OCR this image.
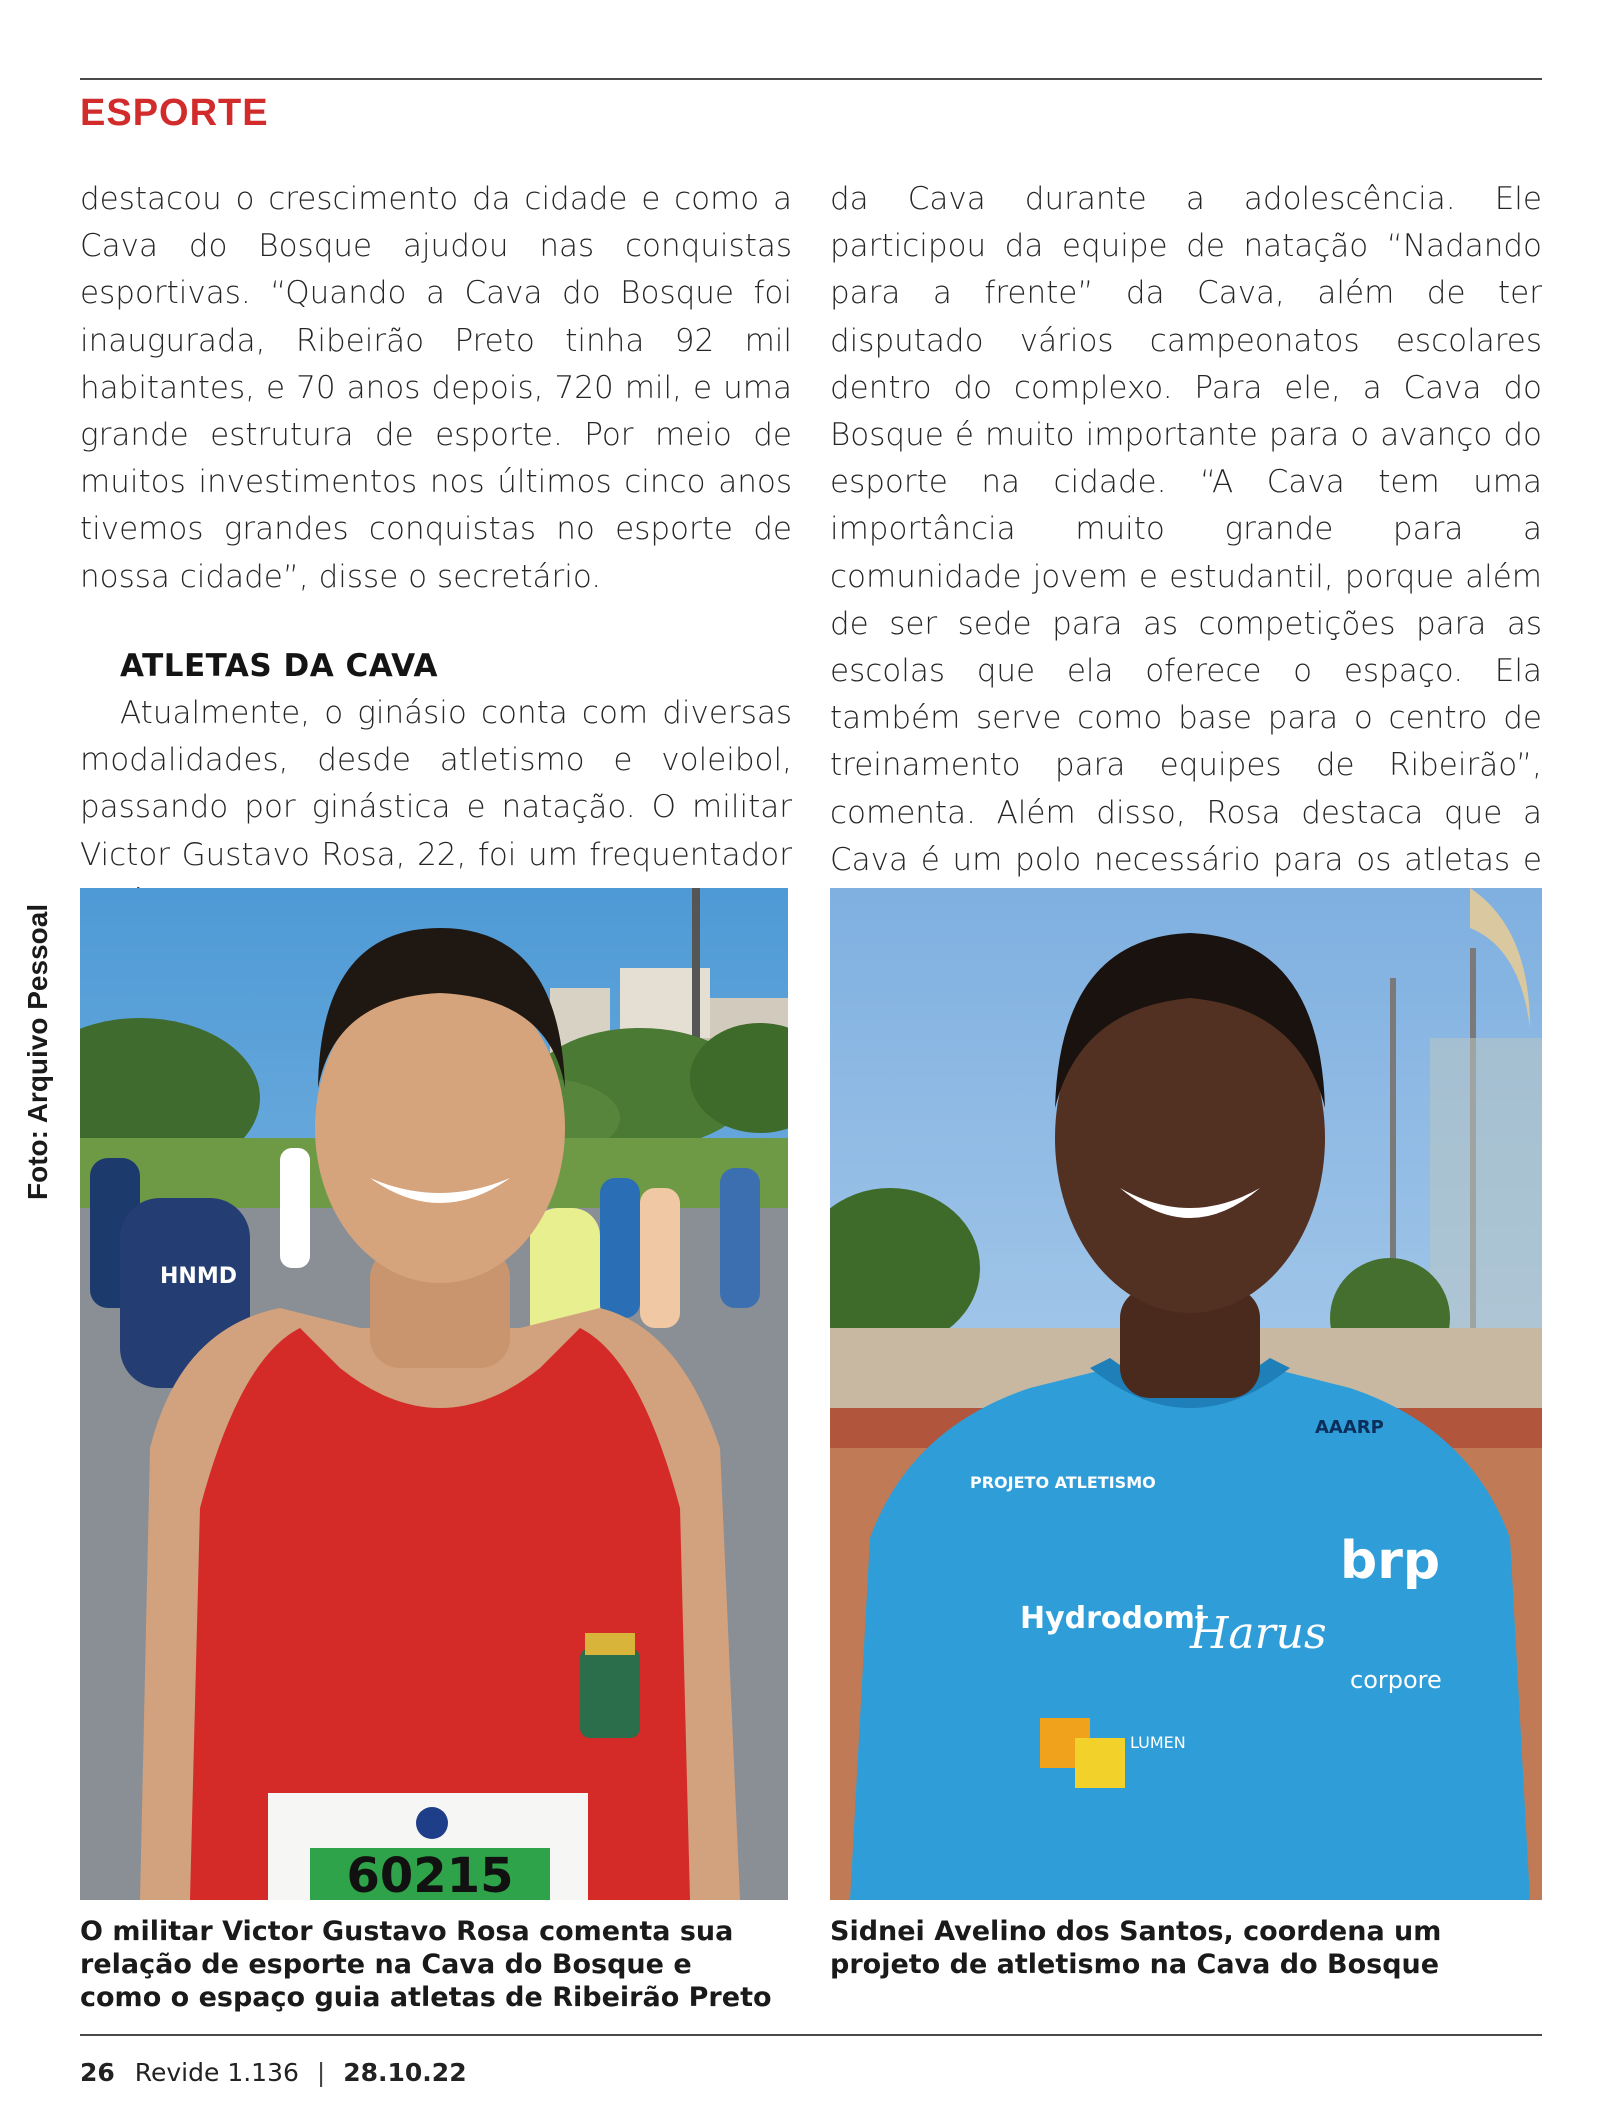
ESPORTE

destacou o crescimento da cidade e como a Cava do Bosque ajudou nas conquistas esportivas. “Quando a Cava do Bosque foi inaugurada, Ribeirão Preto tinha 92 mil habitantes, e 70 anos depois, 720 mil, e uma grande estrutura de esporte. Por meio de muitos investimentos nos últimos cinco anos tivemos grandes conquistas no esporte de nossa cidade”, disse o secretário.

ATLETAS DA CAVA

Atualmente, o ginásio conta com diversas modalidades, desde atletismo e voleibol, passando por ginástica e natação. O militar Victor Gustavo Rosa, 22, foi um frequentador

da Cava durante a adolescência. Ele participou da equipe de natação “Nadando para a frente” da Cava, além de ter disputado vários campeonatos escolares dentro do complexo. Para ele, a Cava do Bosque é muito importante para o avanço do esporte na cidade. “A Cava tem uma importância muito grande para a comunidade jovem e estudantil, porque além de ser sede para as competições para as escolas que ela oferece o espaço. Ela também serve como base para o centro de treinamento para equipes de Ribeirão”, comenta. Além disso, Rosa destaca que a Cava é um polo necessário para os atletas e

Foto: Arquivo Pessoal
60215
HNMD
AAARP
PROJETO ATLETISMO
brp
Hydrodomi
Harus
corpore
LUMEN
O militar Victor Gustavo Rosa comenta sua relação de esporte na Cava do Bosque e como o espaço guia atletas de Ribeirão Preto
Sidnei Avelino dos Santos, coordena um projeto de atletismo na Cava do Bosque
26 Revide 1.136 | 28.10.22
